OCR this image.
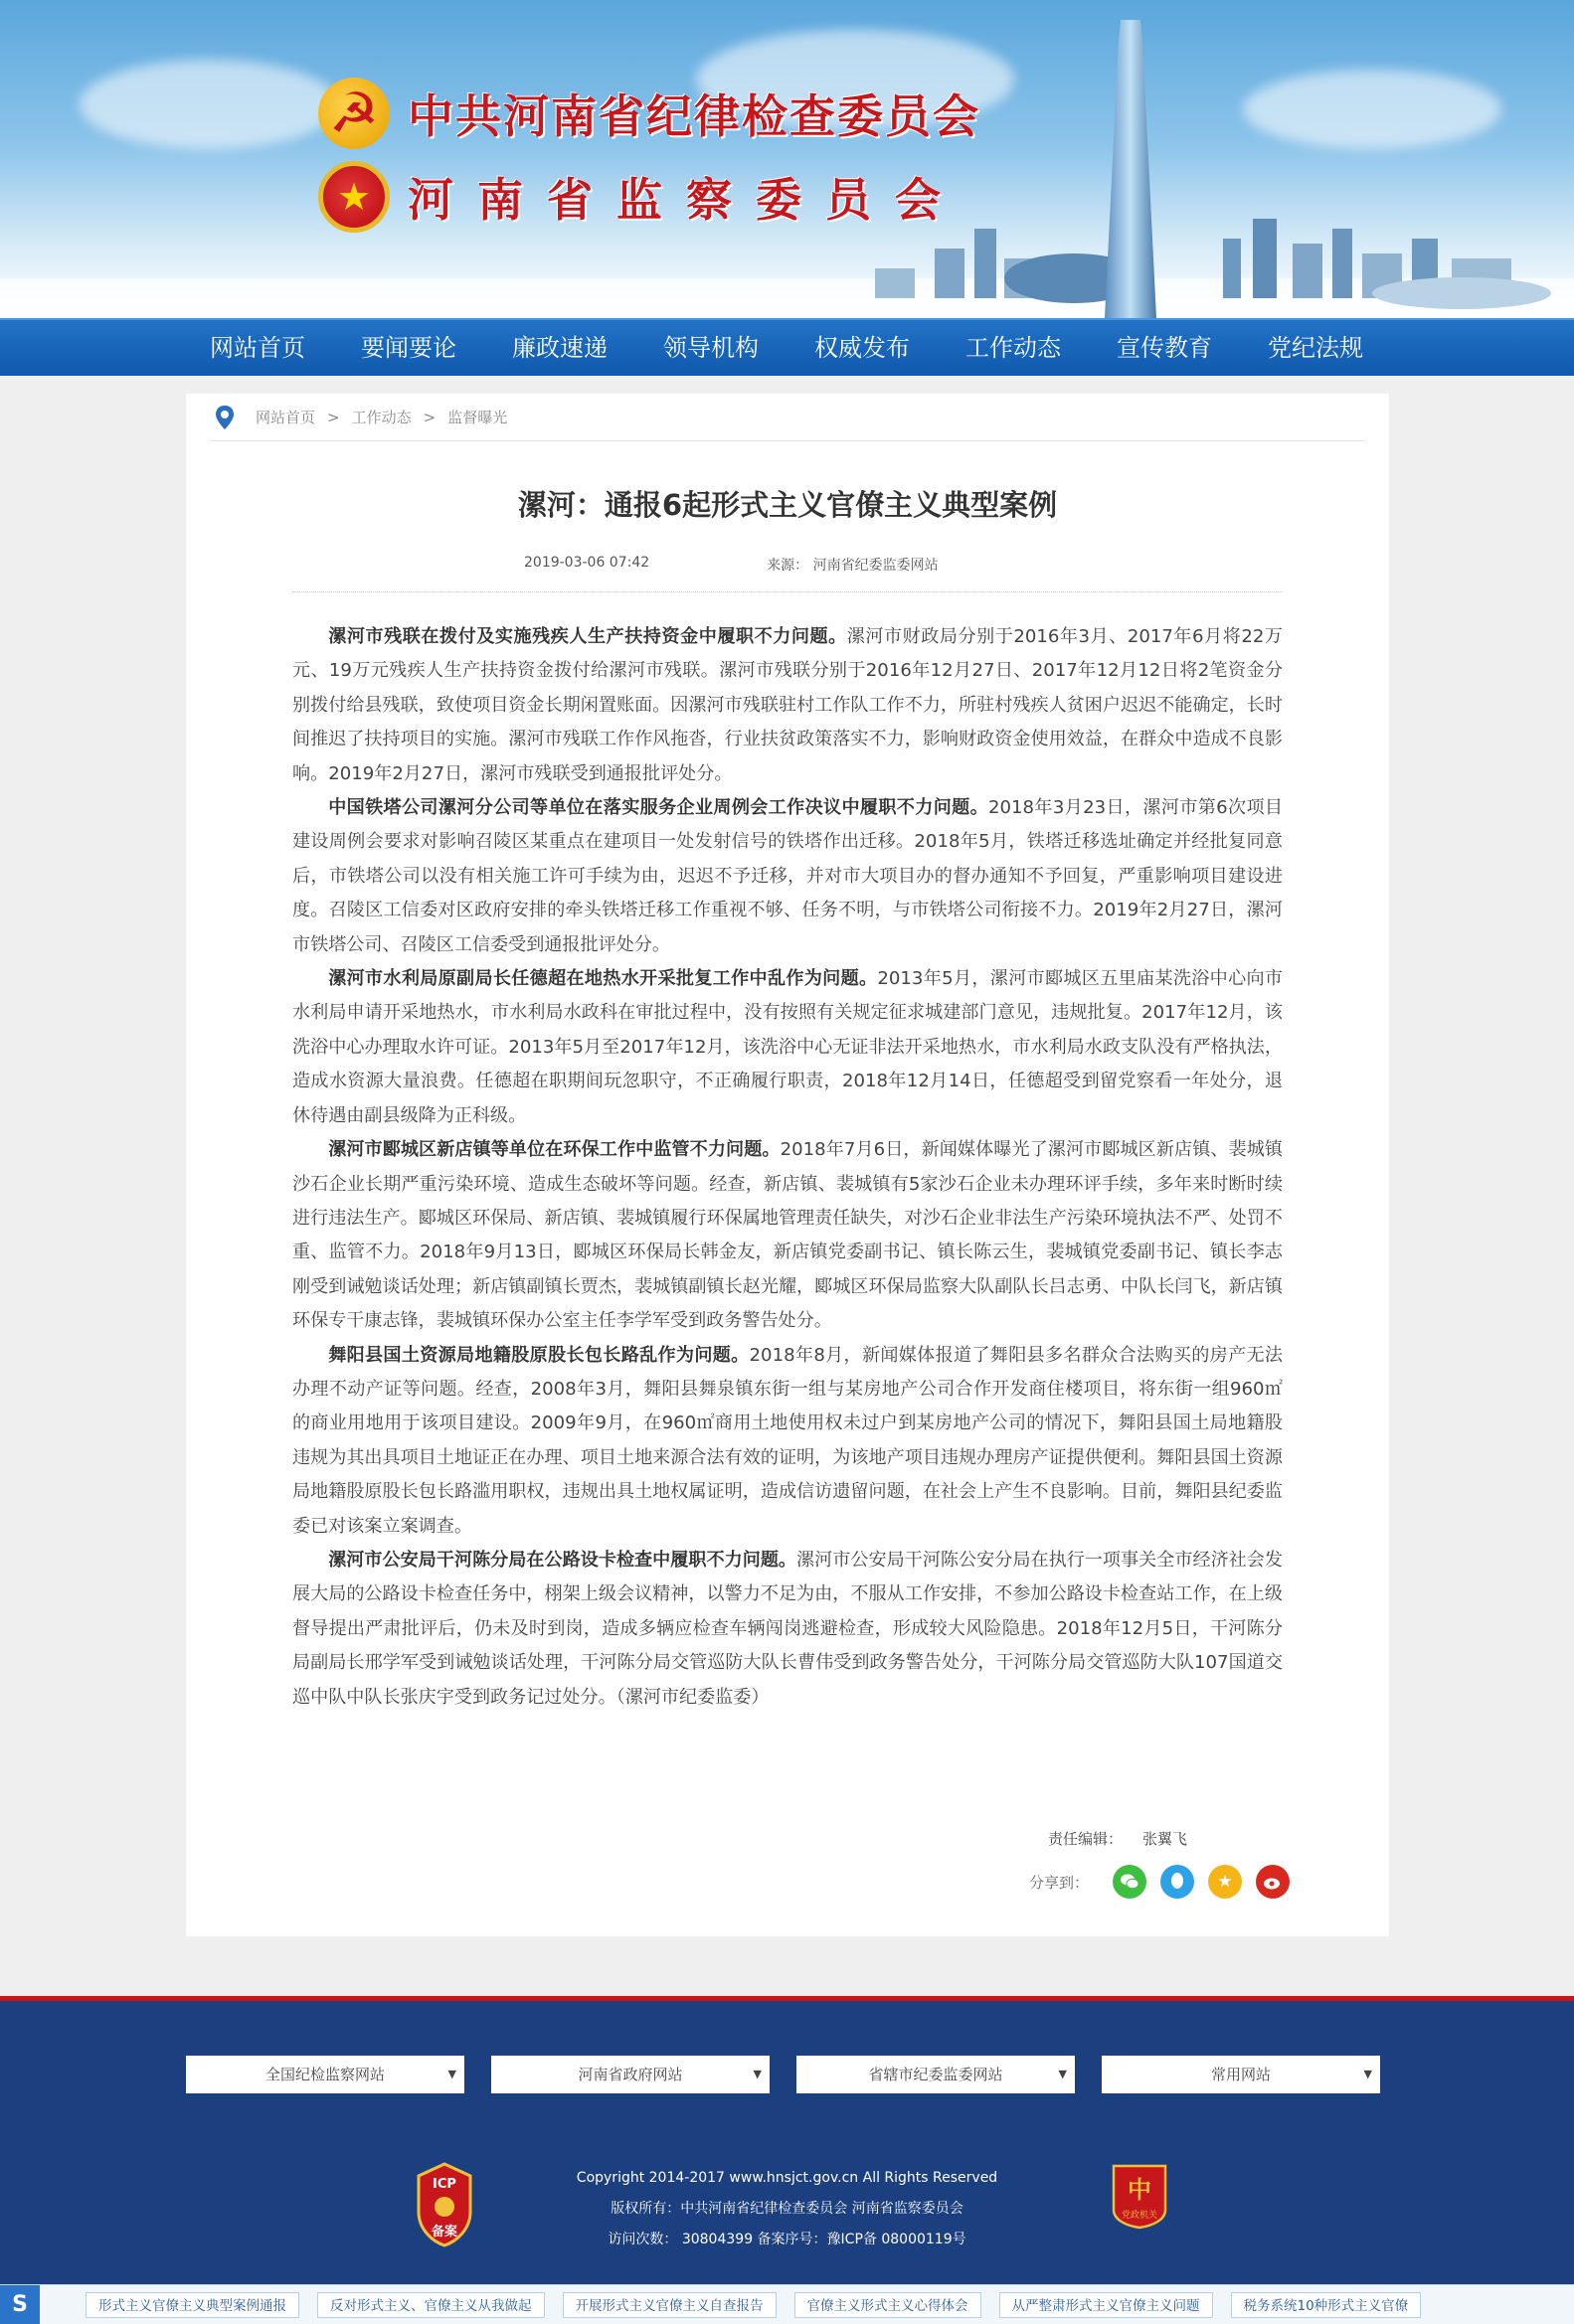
☭ 中共河南省纪律检查委员会
★ 河南省监察委员会
网站首页	要闻要论	廉政速递	领导机构	权威发布	工作动态	宣传教育	党纪法规
网站首页 > 工作动态 > 监督曝光
漯河：通报6起形式主义官僚主义典型案例
2019-03-06 07:42	来源： 河南省纪委监委网站

漯河市残联在拨付及实施残疾人生产扶持资金中履职不力问题。漯河市财政局分别于2016年3月、2017年6月将22万元、19万元残疾人生产扶持资金拨付给漯河市残联。漯河市残联分别于2016年12月27日、2017年12月12日将2笔资金分别拨付给县残联，致使项目资金长期闲置账面。因漯河市残联驻村工作队工作不力，所驻村残疾人贫困户迟迟不能确定，长时间推迟了扶持项目的实施。漯河市残联工作作风拖沓，行业扶贫政策落实不力，影响财政资金使用效益，在群众中造成不良影响。2019年2月27日，漯河市残联受到通报批评处分。

中国铁塔公司漯河分公司等单位在落实服务企业周例会工作决议中履职不力问题。2018年3月23日，漯河市第6次项目建设周例会要求对影响召陵区某重点在建项目一处发射信号的铁塔作出迁移。2018年5月，铁塔迁移选址确定并经批复同意后，市铁塔公司以没有相关施工许可手续为由，迟迟不予迁移，并对市大项目办的督办通知不予回复，严重影响项目建设进度。召陵区工信委对区政府安排的牵头铁塔迁移工作重视不够、任务不明，与市铁塔公司衔接不力。2019年2月27日，漯河市铁塔公司、召陵区工信委受到通报批评处分。

漯河市水利局原副局长任德超在地热水开采批复工作中乱作为问题。2013年5月，漯河市郾城区五里庙某洗浴中心向市水利局申请开采地热水，市水利局水政科在审批过程中，没有按照有关规定征求城建部门意见，违规批复。2017年12月，该洗浴中心办理取水许可证。2013年5月至2017年12月，该洗浴中心无证非法开采地热水，市水利局水政支队没有严格执法，造成水资源大量浪费。任德超在职期间玩忽职守，不正确履行职责，2018年12月14日，任德超受到留党察看一年处分，退休待遇由副县级降为正科级。

漯河市郾城区新店镇等单位在环保工作中监管不力问题。2018年7月6日，新闻媒体曝光了漯河市郾城区新店镇、裴城镇沙石企业长期严重污染环境、造成生态破坏等问题。经查，新店镇、裴城镇有5家沙石企业未办理环评手续，多年来时断时续进行违法生产。郾城区环保局、新店镇、裴城镇履行环保属地管理责任缺失，对沙石企业非法生产污染环境执法不严、处罚不重、监管不力。2018年9月13日，郾城区环保局长韩金友，新店镇党委副书记、镇长陈云生，裴城镇党委副书记、镇长李志刚受到诫勉谈话处理；新店镇副镇长贾杰，裴城镇副镇长赵光耀，郾城区环保局监察大队副队长吕志勇、中队长闫飞，新店镇环保专干康志锋，裴城镇环保办公室主任李学军受到政务警告处分。

舞阳县国土资源局地籍股原股长包长路乱作为问题。2018年8月，新闻媒体报道了舞阳县多名群众合法购买的房产无法办理不动产证等问题。经查，2008年3月，舞阳县舞泉镇东街一组与某房地产公司合作开发商住楼项目，将东街一组960㎡的商业用地用于该项目建设。2009年9月，在960㎡商用土地使用权未过户到某房地产公司的情况下，舞阳县国土局地籍股违规为其出具项目土地证正在办理、项目土地来源合法有效的证明，为该地产项目违规办理房产证提供便利。舞阳县国土资源局地籍股原股长包长路滥用职权，违规出具土地权属证明，造成信访遗留问题，在社会上产生不良影响。目前，舞阳县纪委监委已对该案立案调查。

漯河市公安局干河陈分局在公路设卡检查中履职不力问题。漯河市公安局干河陈公安分局在执行一项事关全市经济社会发展大局的公路设卡检查任务中，栩架上级会议精神，以警力不足为由，不服从工作安排，不参加公路设卡检查站工作，在上级督导提出严肃批评后，仍未及时到岗，造成多辆应检查车辆闯岗逃避检查，形成较大风险隐患。2018年12月5日，干河陈分局副局长邢学军受到诫勉谈话处理，干河陈分局交管巡防大队长曹伟受到政务警告处分，干河陈分局交管巡防大队107国道交巡中队中队长张庆宇受到政务记过处分。（漯河市纪委监委）

责任编辑： 张翼飞
分享到：	★
全国纪检监察网站	▼	河南省政府网站	▼	省辖市纪委监委网站	▼	常用网站	▼
ICP
备案
Copyright 2014-2017 www.hnsjct.gov.cn All Rights Reserved
版权所有：中共河南省纪律检查委员会 河南省监察委员会
访问次数： 30804399 备案序号：豫ICP备 08000119号
中
党政机关
S	形式主义官僚主义典型案例通报	反对形式主义、官僚主义从我做起	开展形式主义官僚主义自查报告	官僚主义形式主义心得体会	从严整肃形式主义官僚主义问题	税务系统10种形式主义官僚
